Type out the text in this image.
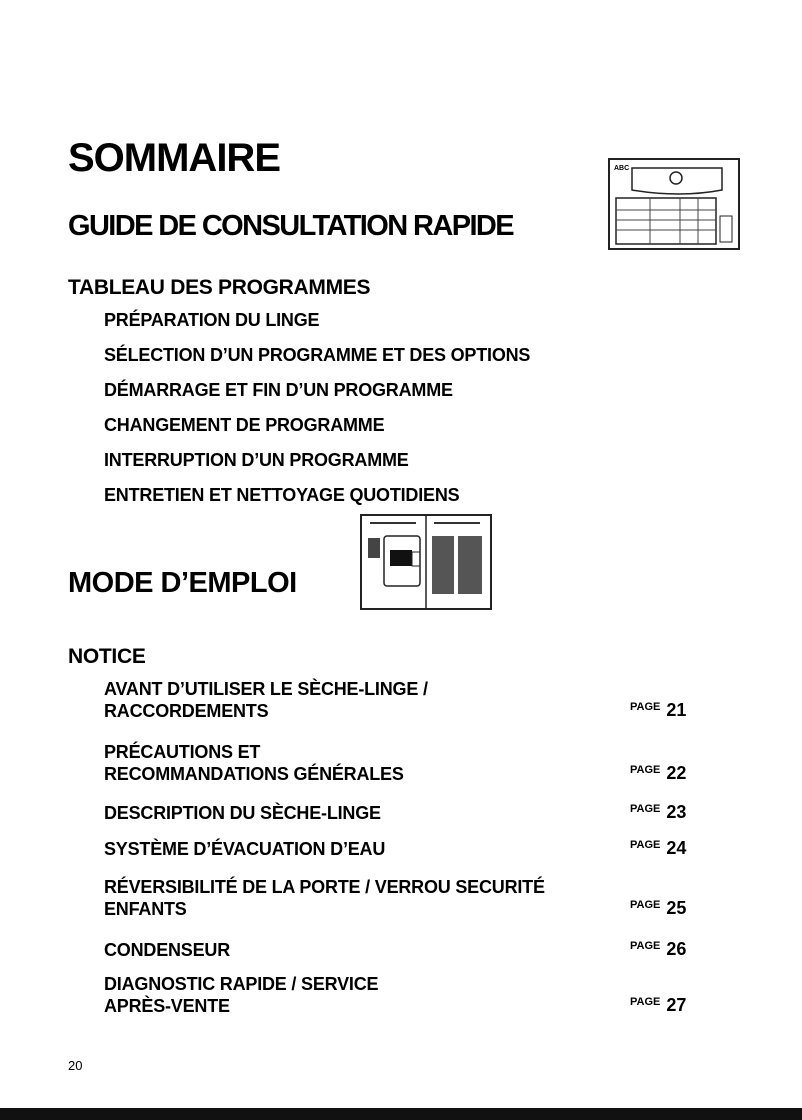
SOMMAIRE
GUIDE DE CONSULTATION RAPIDE
ABC
TABLEAU DES PROGRAMMES
PRÉPARATION DU LINGE
SÉLECTION D’UN PROGRAMME ET DES OPTIONS
DÉMARRAGE ET FIN D’UN PROGRAMME
CHANGEMENT DE PROGRAMME
INTERRUPTION D’UN PROGRAMME
ENTRETIEN ET NETTOYAGE QUOTIDIENS
MODE D’EMPLOI
NOTICE
AVANT D’UTILISER LE SÈCHE-LINGE /
RACCORDEMENTS	$^{PAGE}$ 21
PRÉCAUTIONS ET
RECOMMANDATIONS GÉNÉRALES	$^{PAGE}$ 22
DESCRIPTION DU SÈCHE-LINGE	$^{PAGE}$ 23
SYSTÈME D’ÉVACUATION D’EAU	$^{PAGE}$ 24
RÉVERSIBILITÉ DE LA PORTE / VERROU SECURITÉ
ENFANTS	$^{PAGE}$ 25
CONDENSEUR	$^{PAGE}$ 26
DIAGNOSTIC RAPIDE / SERVICE
APRÈS-VENTE	$^{PAGE}$ 27
20
